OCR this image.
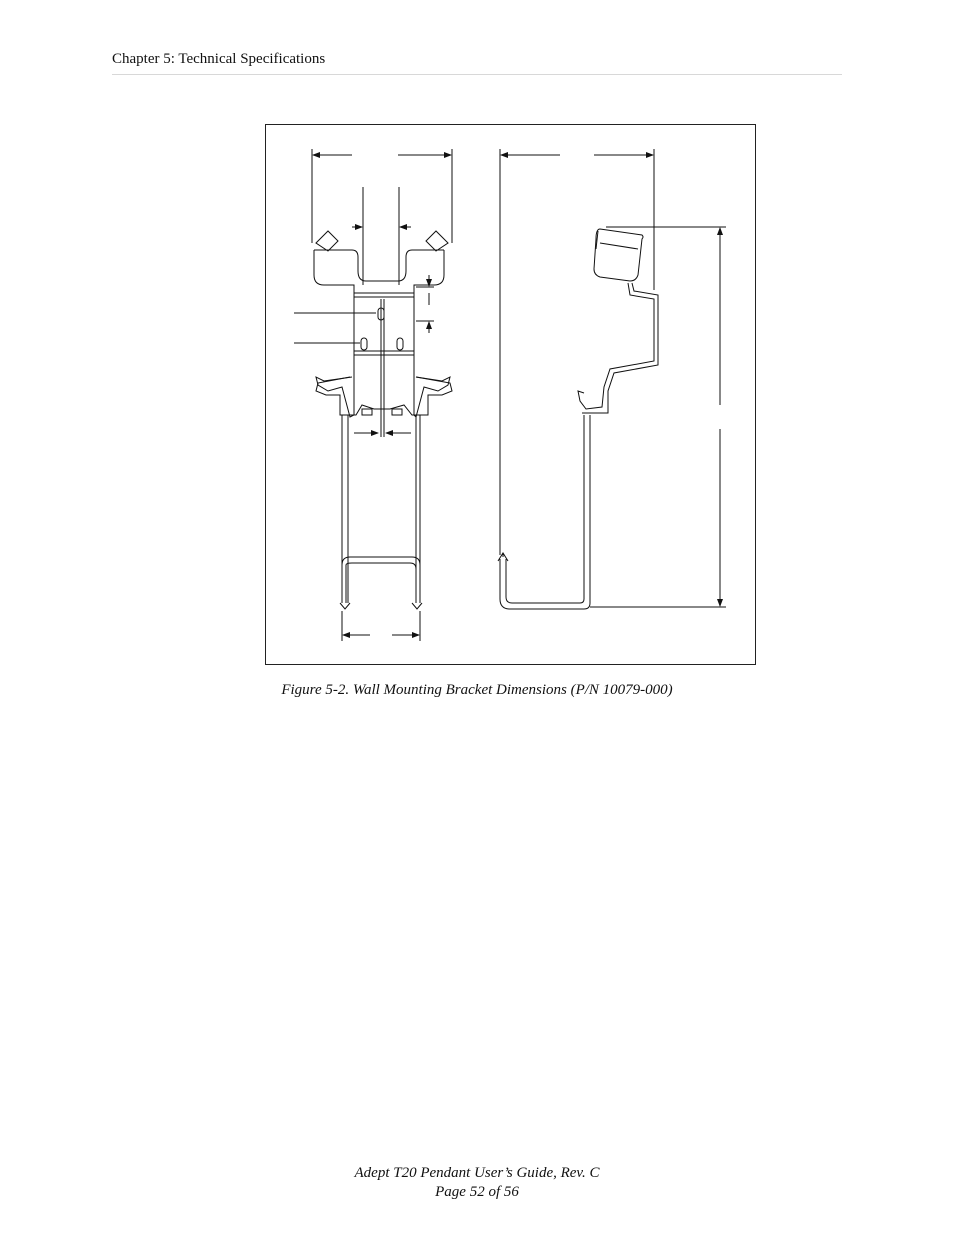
Chapter 5: Technical Specifications
Figure 5-2. Wall Mounting Bracket Dimensions (P/N 10079-000)
Adept T20 Pendant User’s Guide, Rev. C
Page 52 of 56
